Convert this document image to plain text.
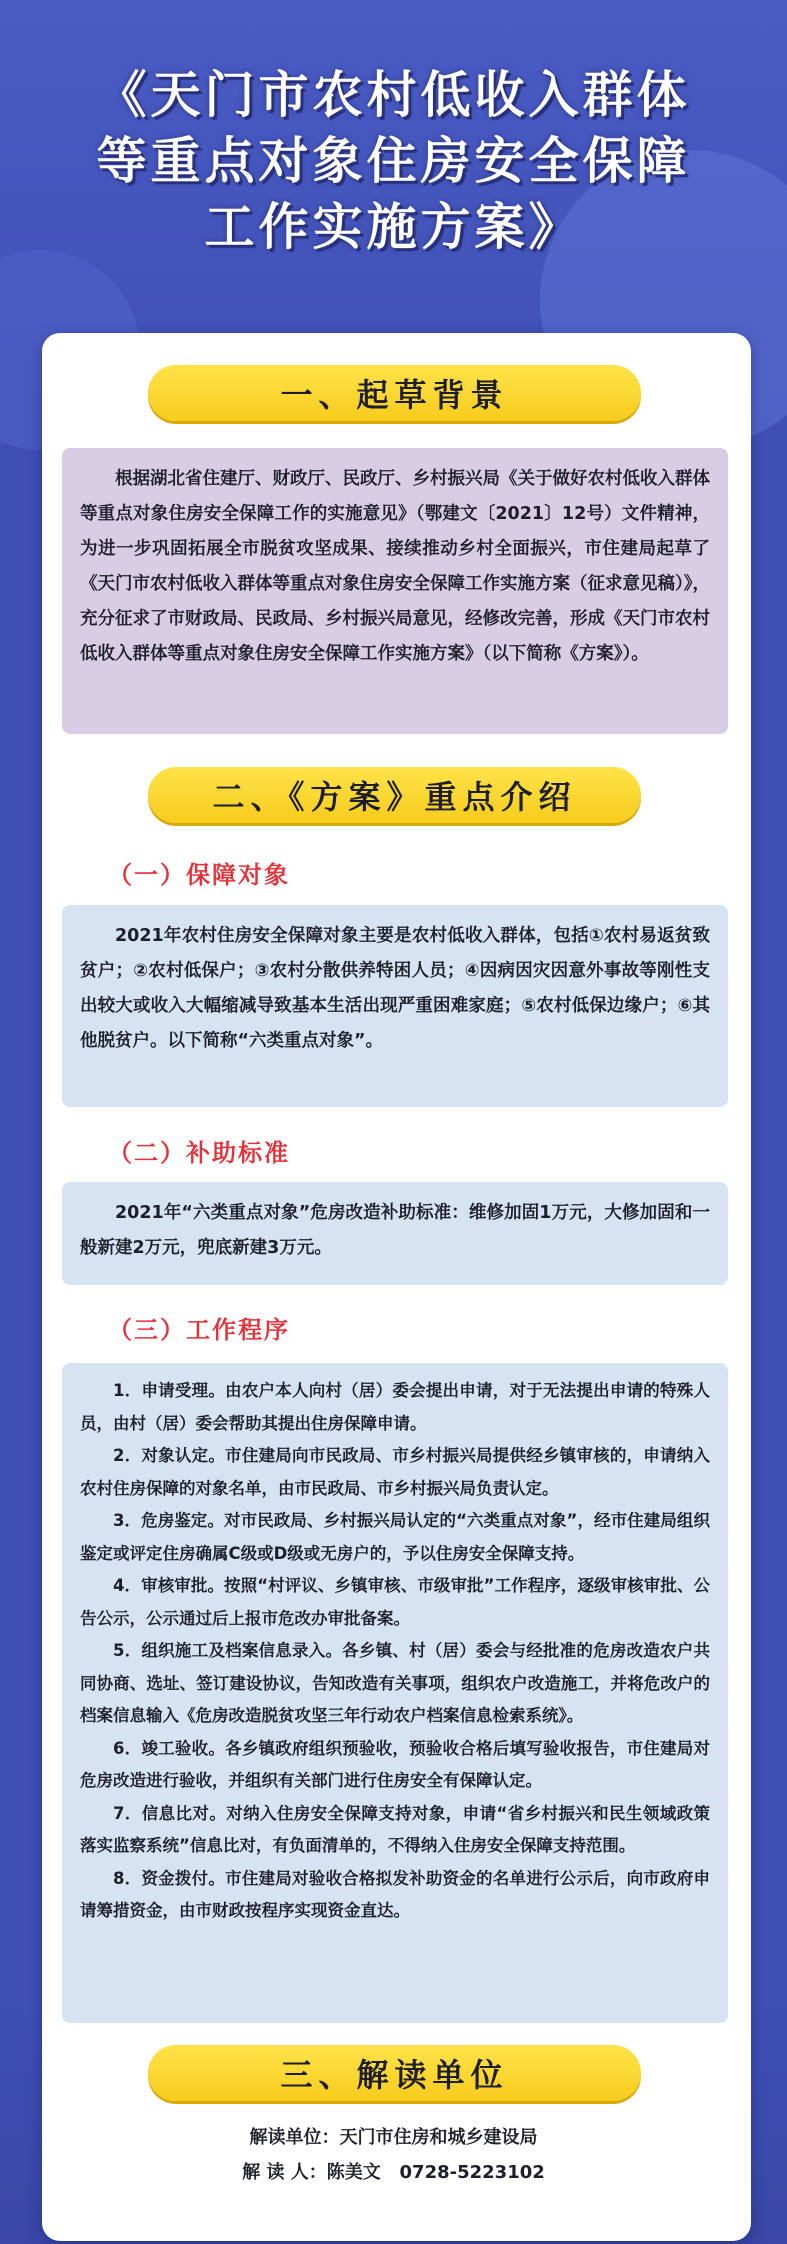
《天门市农村低收入群体
等重点对象住房安全保障
工作实施方案》
一、起草背景
根据湖北省住建厅、财政厅、民政厅、乡村振兴局《关于做好农村低收入群体等重点对象住房安全保障工作的实施意见》（鄂建文〔2021〕12号）文件精神，为进一步巩固拓展全市脱贫攻坚成果、接续推动乡村全面振兴，市住建局起草了《天门市农村低收入群体等重点对象住房安全保障工作实施方案（征求意见稿）》，充分征求了市财政局、民政局、乡村振兴局意见，经修改完善，形成《天门市农村低收入群体等重点对象住房安全保障工作实施方案》（以下简称《方案》）。
二、《方案》重点介绍
（一）保障对象
2021年农村住房安全保障对象主要是农村低收入群体，包括①农村易返贫致贫户；②农村低保户；③农村分散供养特困人员；④因病因灾因意外事故等刚性支出较大或收入大幅缩减导致基本生活出现严重困难家庭；⑤农村低保边缘户；⑥其他脱贫户。以下简称“六类重点对象”。
（二）补助标准
2021年“六类重点对象”危房改造补助标准：维修加固1万元，大修加固和一般新建2万元，兜底新建3万元。
（三）工作程序
1．申请受理。由农户本人向村（居）委会提出申请，对于无法提出申请的特殊人员，由村（居）委会帮助其提出住房保障申请。
2．对象认定。市住建局向市民政局、市乡村振兴局提供经乡镇审核的，申请纳入农村住房保障的对象名单，由市民政局、市乡村振兴局负责认定。
3．危房鉴定。对市民政局、乡村振兴局认定的“六类重点对象”，经市住建局组织鉴定或评定住房确属C级或D级或无房户的，予以住房安全保障支持。
4．审核审批。按照“村评议、乡镇审核、市级审批”工作程序，逐级审核审批、公告公示，公示通过后上报市危改办审批备案。
5．组织施工及档案信息录入。各乡镇、村（居）委会与经批准的危房改造农户共同协商、选址、签订建设协议，告知改造有关事项，组织农户改造施工，并将危改户的档案信息输入《危房改造脱贫攻坚三年行动农户档案信息检索系统》。
6．竣工验收。各乡镇政府组织预验收，预验收合格后填写验收报告，市住建局对危房改造进行验收，并组织有关部门进行住房安全有保障认定。
7．信息比对。对纳入住房安全保障支持对象，申请“省乡村振兴和民生领域政策落实监察系统”信息比对，有负面清单的，不得纳入住房安全保障支持范围。
8．资金拨付。市住建局对验收合格拟发补助资金的名单进行公示后，向市政府申请筹措资金，由市财政按程序实现资金直达。
三、解读单位
解读单位：天门市住房和城乡建设局
解 读 人：陈美文   0728-5223102
